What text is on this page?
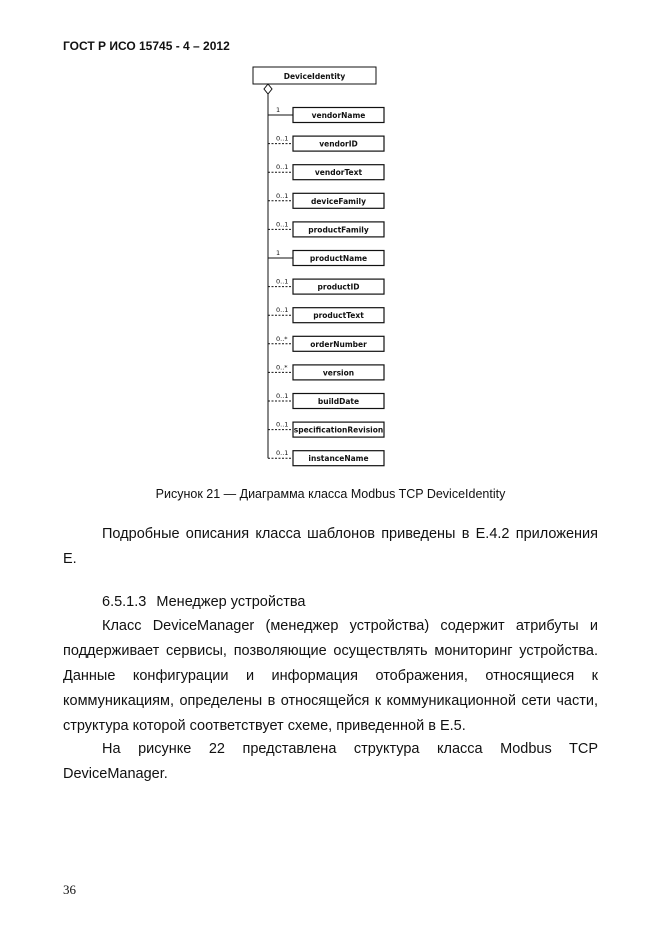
ГОСТ Р ИСО 15745 - 4 – 2012
DeviceIdentity
1
vendorName
0..1
vendorID
0..1
vendorText
0..1
deviceFamily
0..1
productFamily
1
productName
0..1
productID
0..1
productText
0..*
orderNumber
0..*
version
0..1
buildDate
0..1
specificationRevision
0..1
instanceName
Рисунок 21 — Диаграмма класса Modbus TCP DeviceIdentity

Подробные описания класса шаблонов приведены в E.4.2 приложения E.

6.5.1.3 Менеджер устройства

Класс DeviceManager (менеджер устройства) содержит атрибуты и поддерживает сервисы, позволяющие осуществлять мониторинг устройства. Данные конфигурации и информация отображения, относящиеся к коммуникациям, определены в относящейся к коммуникационной сети части, структура которой соответствует схеме, приведенной в E.5.

На рисунке 22 представлена структура класса Modbus TCP DeviceManager.

36
